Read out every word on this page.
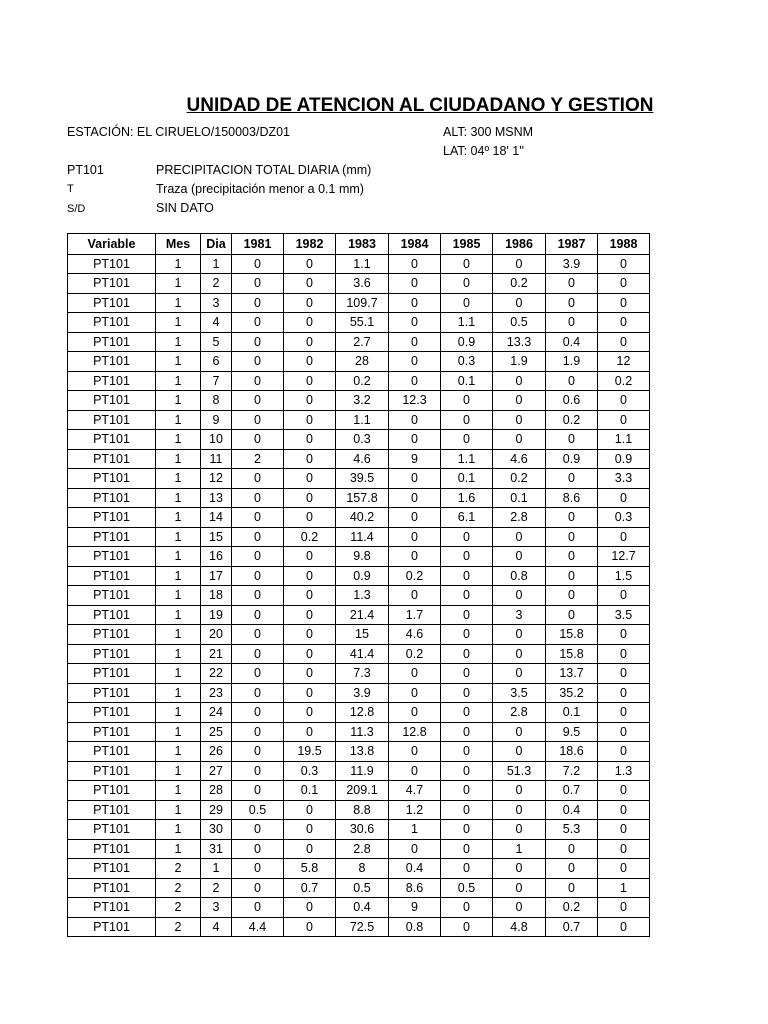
UNIDAD DE ATENCION AL CIUDADANO Y GESTION
ESTACIÓN: EL CIRUELO/150003/DZ01	ALT: 300 MSNM
LAT: 04º 18' 1''
PT101	PRECIPITACION TOTAL DIARIA (mm)
T	Traza (precipitación menor a 0.1 mm)
S/D	SIN DATO
Variable	Mes	Dia	1981	1982	1983	1984	1985	1986	1987	1988
PT101	1	1	0	0	1.1	0	0	0	3.9	0
PT101	1	2	0	0	3.6	0	0	0.2	0	0
PT101	1	3	0	0	109.7	0	0	0	0	0
PT101	1	4	0	0	55.1	0	1.1	0.5	0	0
PT101	1	5	0	0	2.7	0	0.9	13.3	0.4	0
PT101	1	6	0	0	28	0	0.3	1.9	1.9	12
PT101	1	7	0	0	0.2	0	0.1	0	0	0.2
PT101	1	8	0	0	3.2	12.3	0	0	0.6	0
PT101	1	9	0	0	1.1	0	0	0	0.2	0
PT101	1	10	0	0	0.3	0	0	0	0	1.1
PT101	1	11	2	0	4.6	9	1.1	4.6	0.9	0.9
PT101	1	12	0	0	39.5	0	0.1	0.2	0	3.3
PT101	1	13	0	0	157.8	0	1.6	0.1	8.6	0
PT101	1	14	0	0	40.2	0	6.1	2.8	0	0.3
PT101	1	15	0	0.2	11.4	0	0	0	0	0
PT101	1	16	0	0	9.8	0	0	0	0	12.7
PT101	1	17	0	0	0.9	0.2	0	0.8	0	1.5
PT101	1	18	0	0	1.3	0	0	0	0	0
PT101	1	19	0	0	21.4	1.7	0	3	0	3.5
PT101	1	20	0	0	15	4.6	0	0	15.8	0
PT101	1	21	0	0	41.4	0.2	0	0	15.8	0
PT101	1	22	0	0	7.3	0	0	0	13.7	0
PT101	1	23	0	0	3.9	0	0	3.5	35.2	0
PT101	1	24	0	0	12.8	0	0	2.8	0.1	0
PT101	1	25	0	0	11.3	12.8	0	0	9.5	0
PT101	1	26	0	19.5	13.8	0	0	0	18.6	0
PT101	1	27	0	0.3	11.9	0	0	51.3	7.2	1.3
PT101	1	28	0	0.1	209.1	4.7	0	0	0.7	0
PT101	1	29	0.5	0	8.8	1.2	0	0	0.4	0
PT101	1	30	0	0	30.6	1	0	0	5.3	0
PT101	1	31	0	0	2.8	0	0	1	0	0
PT101	2	1	0	5.8	8	0.4	0	0	0	0
PT101	2	2	0	0.7	0.5	8.6	0.5	0	0	1
PT101	2	3	0	0	0.4	9	0	0	0.2	0
PT101	2	4	4.4	0	72.5	0.8	0	4.8	0.7	0
